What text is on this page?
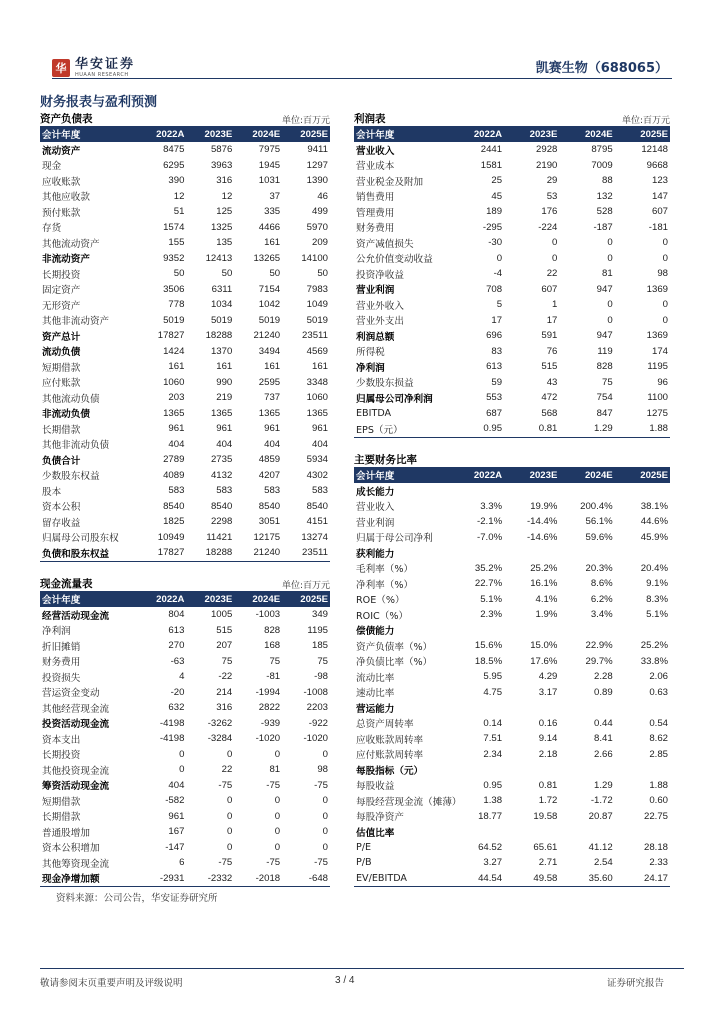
华 华安证券
HUAAN RESEARCH	凯赛生物（688065）
财务报表与盈利预测
资产负债表	单位:百万元
会计年度	2022A	2023E	2024E	2025E
流动资产	8475	5876	7975	9411
现金	6295	3963	1945	1297
应收账款	390	316	1031	1390
其他应收款	12	12	37	46
预付账款	51	125	335	499
存货	1574	1325	4466	5970
其他流动资产	155	135	161	209
非流动资产	9352	12413	13265	14100
长期投资	50	50	50	50
固定资产	3506	6311	7154	7983
无形资产	778	1034	1042	1049
其他非流动资产	5019	5019	5019	5019
资产总计	17827	18288	21240	23511
流动负债	1424	1370	3494	4569
短期借款	161	161	161	161
应付账款	1060	990	2595	3348
其他流动负债	203	219	737	1060
非流动负债	1365	1365	1365	1365
长期借款	961	961	961	961
其他非流动负债	404	404	404	404
负债合计	2789	2735	4859	5934
少数股东权益	4089	4132	4207	4302
股本	583	583	583	583
资本公积	8540	8540	8540	8540
留存收益	1825	2298	3051	4151
归属母公司股东权	10949	11421	12175	13274
负债和股东权益	17827	18288	21240	23511
利润表	单位:百万元
会计年度	2022A	2023E	2024E	2025E
营业收入	2441	2928	8795	12148
营业成本	1581	2190	7009	9668
营业税金及附加	25	29	88	123
销售费用	45	53	132	147
管理费用	189	176	528	607
财务费用	-295	-224	-187	-181
资产减值损失	-30	0	0	0
公允价值变动收益	0	0	0	0
投资净收益	-4	22	81	98
营业利润	708	607	947	1369
营业外收入	5	1	0	0
营业外支出	17	17	0	0
利润总额	696	591	947	1369
所得税	83	76	119	174
净利润	613	515	828	1195
少数股东损益	59	43	75	96
归属母公司净利润	553	472	754	1100
EBITDA	687	568	847	1275
EPS（元）	0.95	0.81	1.29	1.88
主要财务比率
会计年度	2022A	2023E	2024E	2025E
成长能力				
营业收入	3.3%	19.9%	200.4%	38.1%
营业利润	-2.1%	-14.4%	56.1%	44.6%
归属于母公司净利	-7.0%	-14.6%	59.6%	45.9%
获利能力				
毛利率（%）	35.2%	25.2%	20.3%	20.4%
净利率（%）	22.7%	16.1%	8.6%	9.1%
ROE（%）	5.1%	4.1%	6.2%	8.3%
ROIC（%）	2.3%	1.9%	3.4%	5.1%
偿债能力				
资产负债率（%）	15.6%	15.0%	22.9%	25.2%
净负债比率（%）	18.5%	17.6%	29.7%	33.8%
流动比率	5.95	4.29	2.28	2.06
速动比率	4.75	3.17	0.89	0.63
营运能力				
总资产周转率	0.14	0.16	0.44	0.54
应收账款周转率	7.51	9.14	8.41	8.62
应付账款周转率	2.34	2.18	2.66	2.85
每股指标（元）				
每股收益	0.95	0.81	1.29	1.88
每股经营现金流（摊薄）	1.38	1.72	-1.72	0.60
每股净资产	18.77	19.58	20.87	22.75
估值比率				
P/E	64.52	65.61	41.12	28.18
P/B	3.27	2.71	2.54	2.33
EV/EBITDA	44.54	49.58	35.60	24.17
现金流量表	单位:百万元
会计年度	2022A	2023E	2024E	2025E
经营活动现金流	804	1005	-1003	349
净利润	613	515	828	1195
折旧摊销	270	207	168	185
财务费用	-63	75	75	75
投资损失	4	-22	-81	-98
营运资金变动	-20	214	-1994	-1008
其他经营现金流	632	316	2822	2203
投资活动现金流	-4198	-3262	-939	-922
资本支出	-4198	-3284	-1020	-1020
长期投资	0	0	0	0
其他投资现金流	0	22	81	98
筹资活动现金流	404	-75	-75	-75
短期借款	-582	0	0	0
长期借款	961	0	0	0
普通股增加	167	0	0	0
资本公积增加	-147	0	0	0
其他筹资现金流	6	-75	-75	-75
现金净增加额	-2931	-2332	-2018	-648
资料来源：公司公告，华安证券研究所
敬请参阅末页重要声明及评级说明	3 / 4	证券研究报告
